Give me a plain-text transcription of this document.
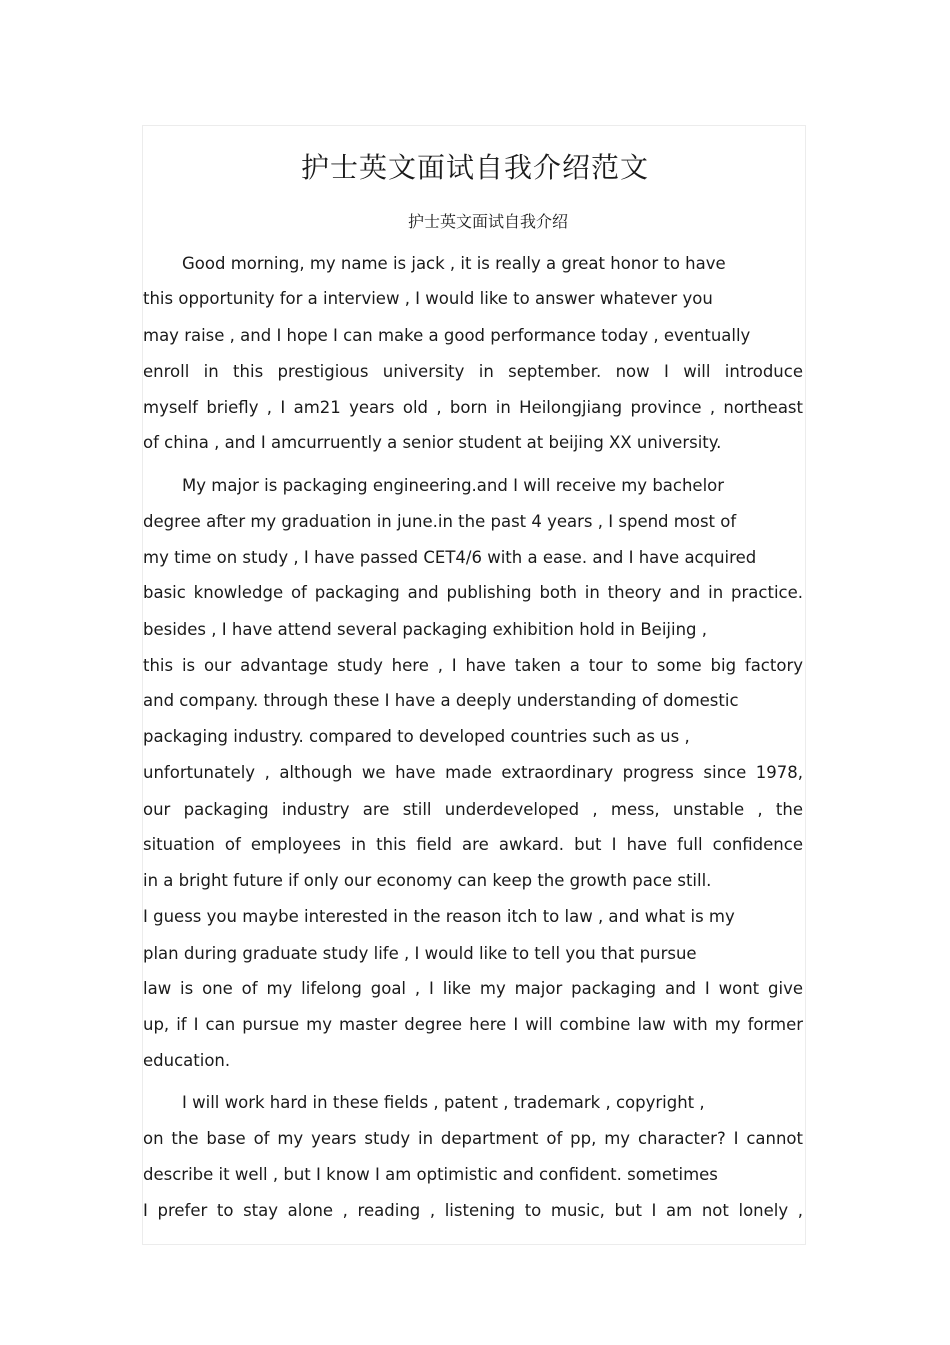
护士英文面试自我介绍范文
护士英文面试自我介绍
Good morning, my name is jack , it is really a great honor to have
this opportunity for a interview , I would like to answer whatever you
may raise , and I hope I can make a good performance today , eventually
enroll in this prestigious university in september. now I will introduce
myself briefly , I am21 years old , born in Heilongjiang province , northeast
of china , and I amcurruently a senior student at beijing XX university.
My major is packaging engineering.and I will receive my bachelor
degree after my graduation in june.in the past 4 years , I spend most of
my time on study , I have passed CET4/6 with a ease. and I have acquired
basic knowledge of packaging and publishing both in theory and in practice.
besides , I have attend several packaging exhibition hold in Beijing ,
this is our advantage study here , I have taken a tour to some big factory
and company. through these I have a deeply understanding of domestic
packaging industry. compared to developed countries such as us ,
unfortunately , although we have made extraordinary progress since 1978,
our packaging industry are still underdeveloped , mess, unstable , the
situation of employees in this field are awkard. but I have full confidence
in a bright future if only our economy can keep the growth pace still.
I guess you maybe interested in the reason itch to law , and what is my
plan during graduate study life , I would like to tell you that pursue
law is one of my lifelong goal , I like my major packaging and I wont give
up, if I can pursue my master degree here I will combine law with my former
education.
I will work hard in these fields , patent , trademark , copyright ,
on the base of my years study in department of pp, my character? I cannot
describe it well , but I know I am optimistic and confident. sometimes
I prefer to stay alone , reading , listening to music, but I am not lonely ,
